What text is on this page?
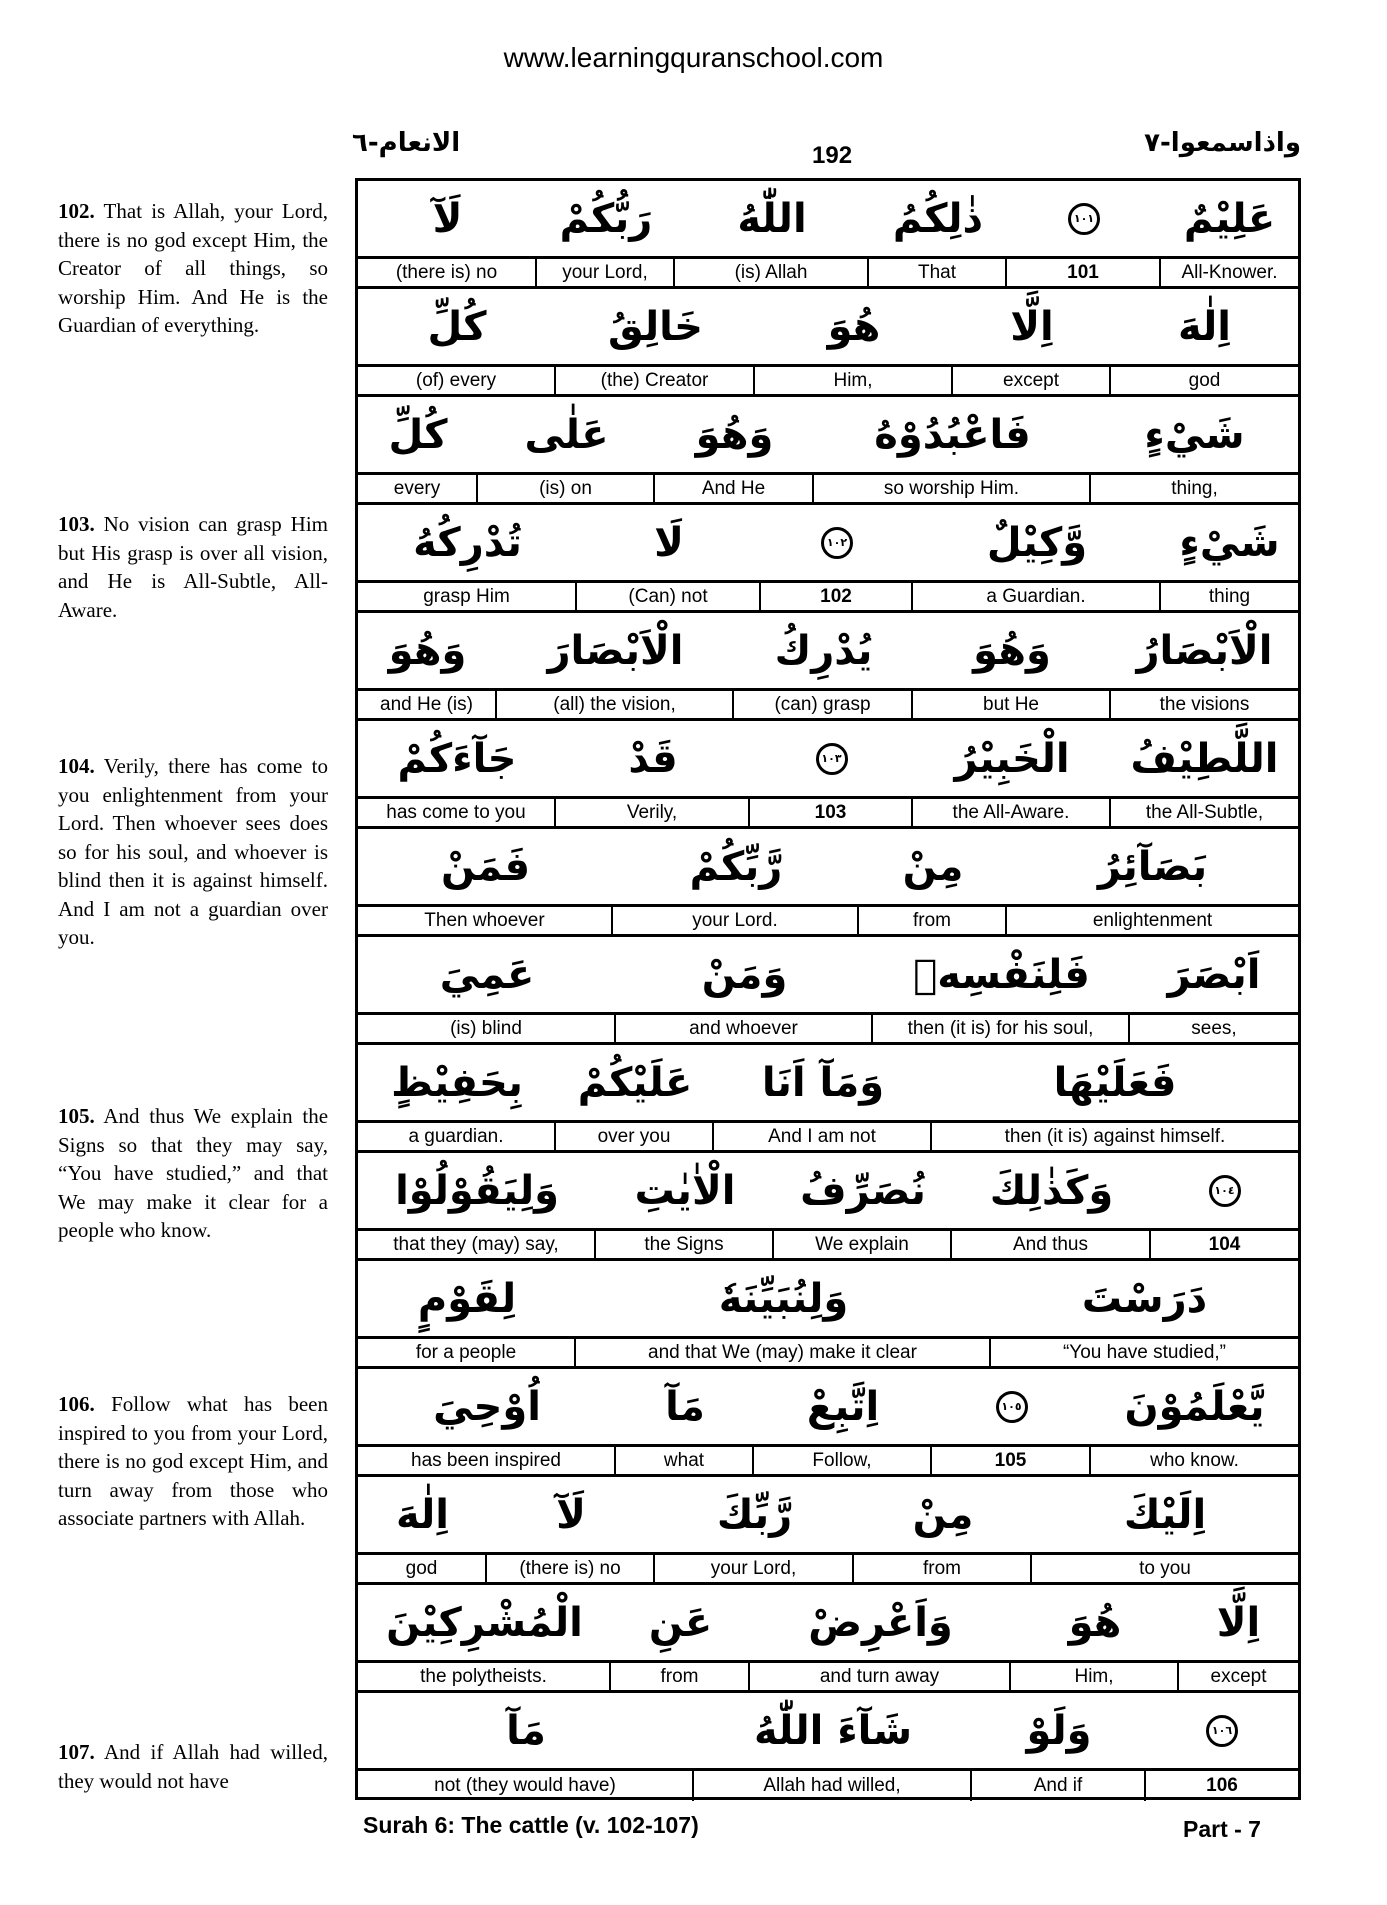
www.learningquranschool.com
الانعام-٦	192	واذاسمعوا-٧
102. That is Allah, your Lord, there is no god except Him, the Creator of all things, so worship Him. And He is the Guardian of everything.
103. No vision can grasp Him but His grasp is over all vision, and He is All-Subtle, All-Aware.
104. Verily, there has come to you enlightenment from your Lord. Then whoever sees does so for his soul, and whoever is blind then it is against himself. And I am not a guardian over you.
105. And thus We explain the Signs so that they may say, “You have studied,” and that We may make it clear for a people who know.
106. Follow what has been inspired to you from your Lord, there is no god except Him, and turn away from those who associate partners with Allah.
107. And if Allah had willed, they would not have
لَآ	رَبُّكُمْ	اللّٰهُ	ذٰلِكُمُ	١٠١	عَلِيْمٌ
(there is) no	your Lord,	(is) Allah	That	101	All-Knower.
كُلِّ	خَالِقُ	هُوَ	اِلَّا	اِلٰهَ
(of) every	(the) Creator	Him,	except	god
كُلِّ	عَلٰى	وَهُوَ	فَاعْبُدُوْهُ	شَيْءٍ
every	(is) on	And He	so worship Him.	thing,
تُدْرِكُهُ	لَا	١٠٢	وَّكِيْلٌ	شَيْءٍ
grasp Him	(Can) not	102	a Guardian.	thing
وَهُوَ	الْاَبْصَارَ	يُدْرِكُ	وَهُوَ	الْاَبْصَارُ
and He (is)	(all) the vision,	(can) grasp	but He	the visions
جَآءَكُمْ	قَدْ	١٠٣	الْخَبِيْرُ	اللَّطِيْفُ
has come to you	Verily,	103	the All-Aware.	the All-Subtle,
فَمَنْ	رَّبِّكُمْ	مِنْ	بَصَآئِرُ
Then whoever	your Lord.	from	enlightenment
عَمِيَ	وَمَنْ	فَلِنَفْسِهٖ	اَبْصَرَ
(is) blind	and whoever	then (it is) for his soul,	sees,
بِحَفِيْظٍ	عَلَيْكُمْ	وَمَآ اَنَا	فَعَلَيْهَا
a guardian.	over you	And I am not	then (it is) against himself.
وَلِيَقُوْلُوْا	الْاٰيٰتِ	نُصَرِّفُ	وَكَذٰلِكَ	١٠٤
that they (may) say,	the Signs	We explain	And thus	104
لِقَوْمٍ	وَلِنُبَيِّنَهٗ	دَرَسْتَ
for a people	and that We (may) make it clear	“You have studied,”
اُوْحِيَ	مَآ	اِتَّبِعْ	١٠٥	يَّعْلَمُوْنَ
has been inspired	what	Follow,	105	who know.
اِلٰهَ	لَآ	رَّبِّكَ	مِنْ	اِلَيْكَ
god	(there is) no	your Lord,	from	to you
الْمُشْرِكِيْنَ	عَنِ	وَاَعْرِضْ	هُوَ	اِلَّا
the polytheists.	from	and turn away	Him,	except
مَآ	شَآءَ اللّٰهُ	وَلَوْ	١٠٦
not (they would have)	Allah had willed,	And if	106
Surah 6: The cattle (v. 102-107)	Part - 7
